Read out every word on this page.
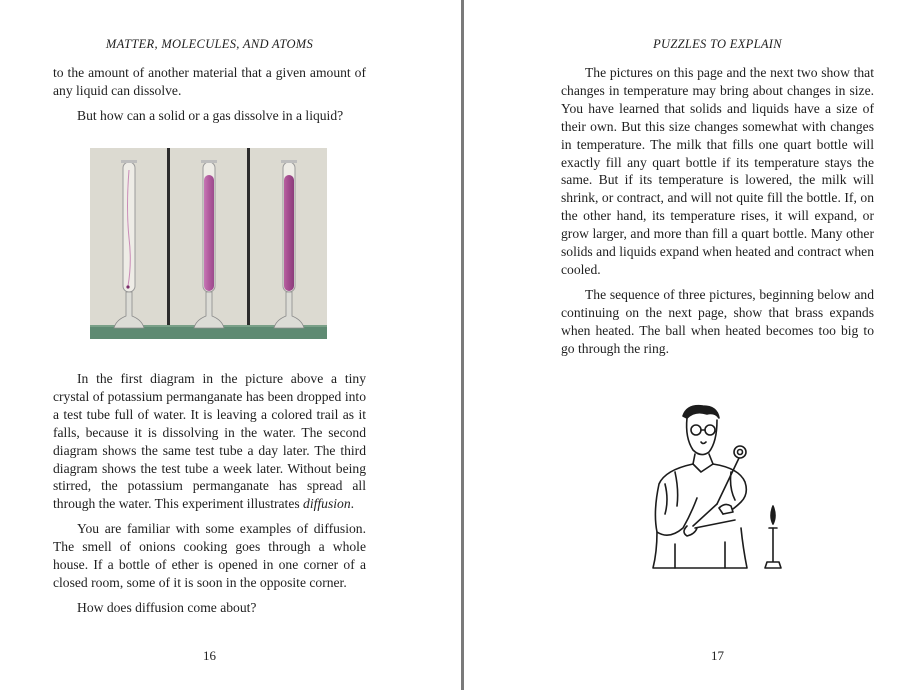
MATTER, MOLECULES, AND ATOMS

to the amount of another material that a given amount of any liquid can dissolve.

But how can a solid or a gas dissolve in a liquid?

In the first diagram in the picture above a tiny crystal of potassium permanganate has been dropped into a test tube full of water. It is leaving a colored trail as it falls, because it is dissolving in the water. The second diagram shows the same test tube a day later. The third diagram shows the test tube a week later. Without being stirred, the potassium permanganate has spread all through the water. This experiment illustrates diffusion.

You are familiar with some examples of diffusion. The smell of onions cooking goes through a whole house. If a bottle of ether is opened in one corner of a closed room, some of it is soon in the opposite corner.

How does diffusion come about?

16
PUZZLES TO EXPLAIN

The pictures on this page and the next two show that changes in temperature may bring about changes in size. You have learned that solids and liquids have a size of their own. But this size changes somewhat with changes in temperature. The milk that fills one quart bottle will exactly fill any quart bottle if its temperature stays the same. But if its temperature is lowered, the milk will shrink, or contract, and will not quite fill the bottle. If, on the other hand, its temperature rises, it will expand, or grow larger, and more than fill a quart bottle. Many other solids and liquids expand when heated and contract when cooled.

The sequence of three pictures, beginning below and continuing on the next page, show that brass expands when heated. The ball when heated becomes too big to go through the ring.

17
